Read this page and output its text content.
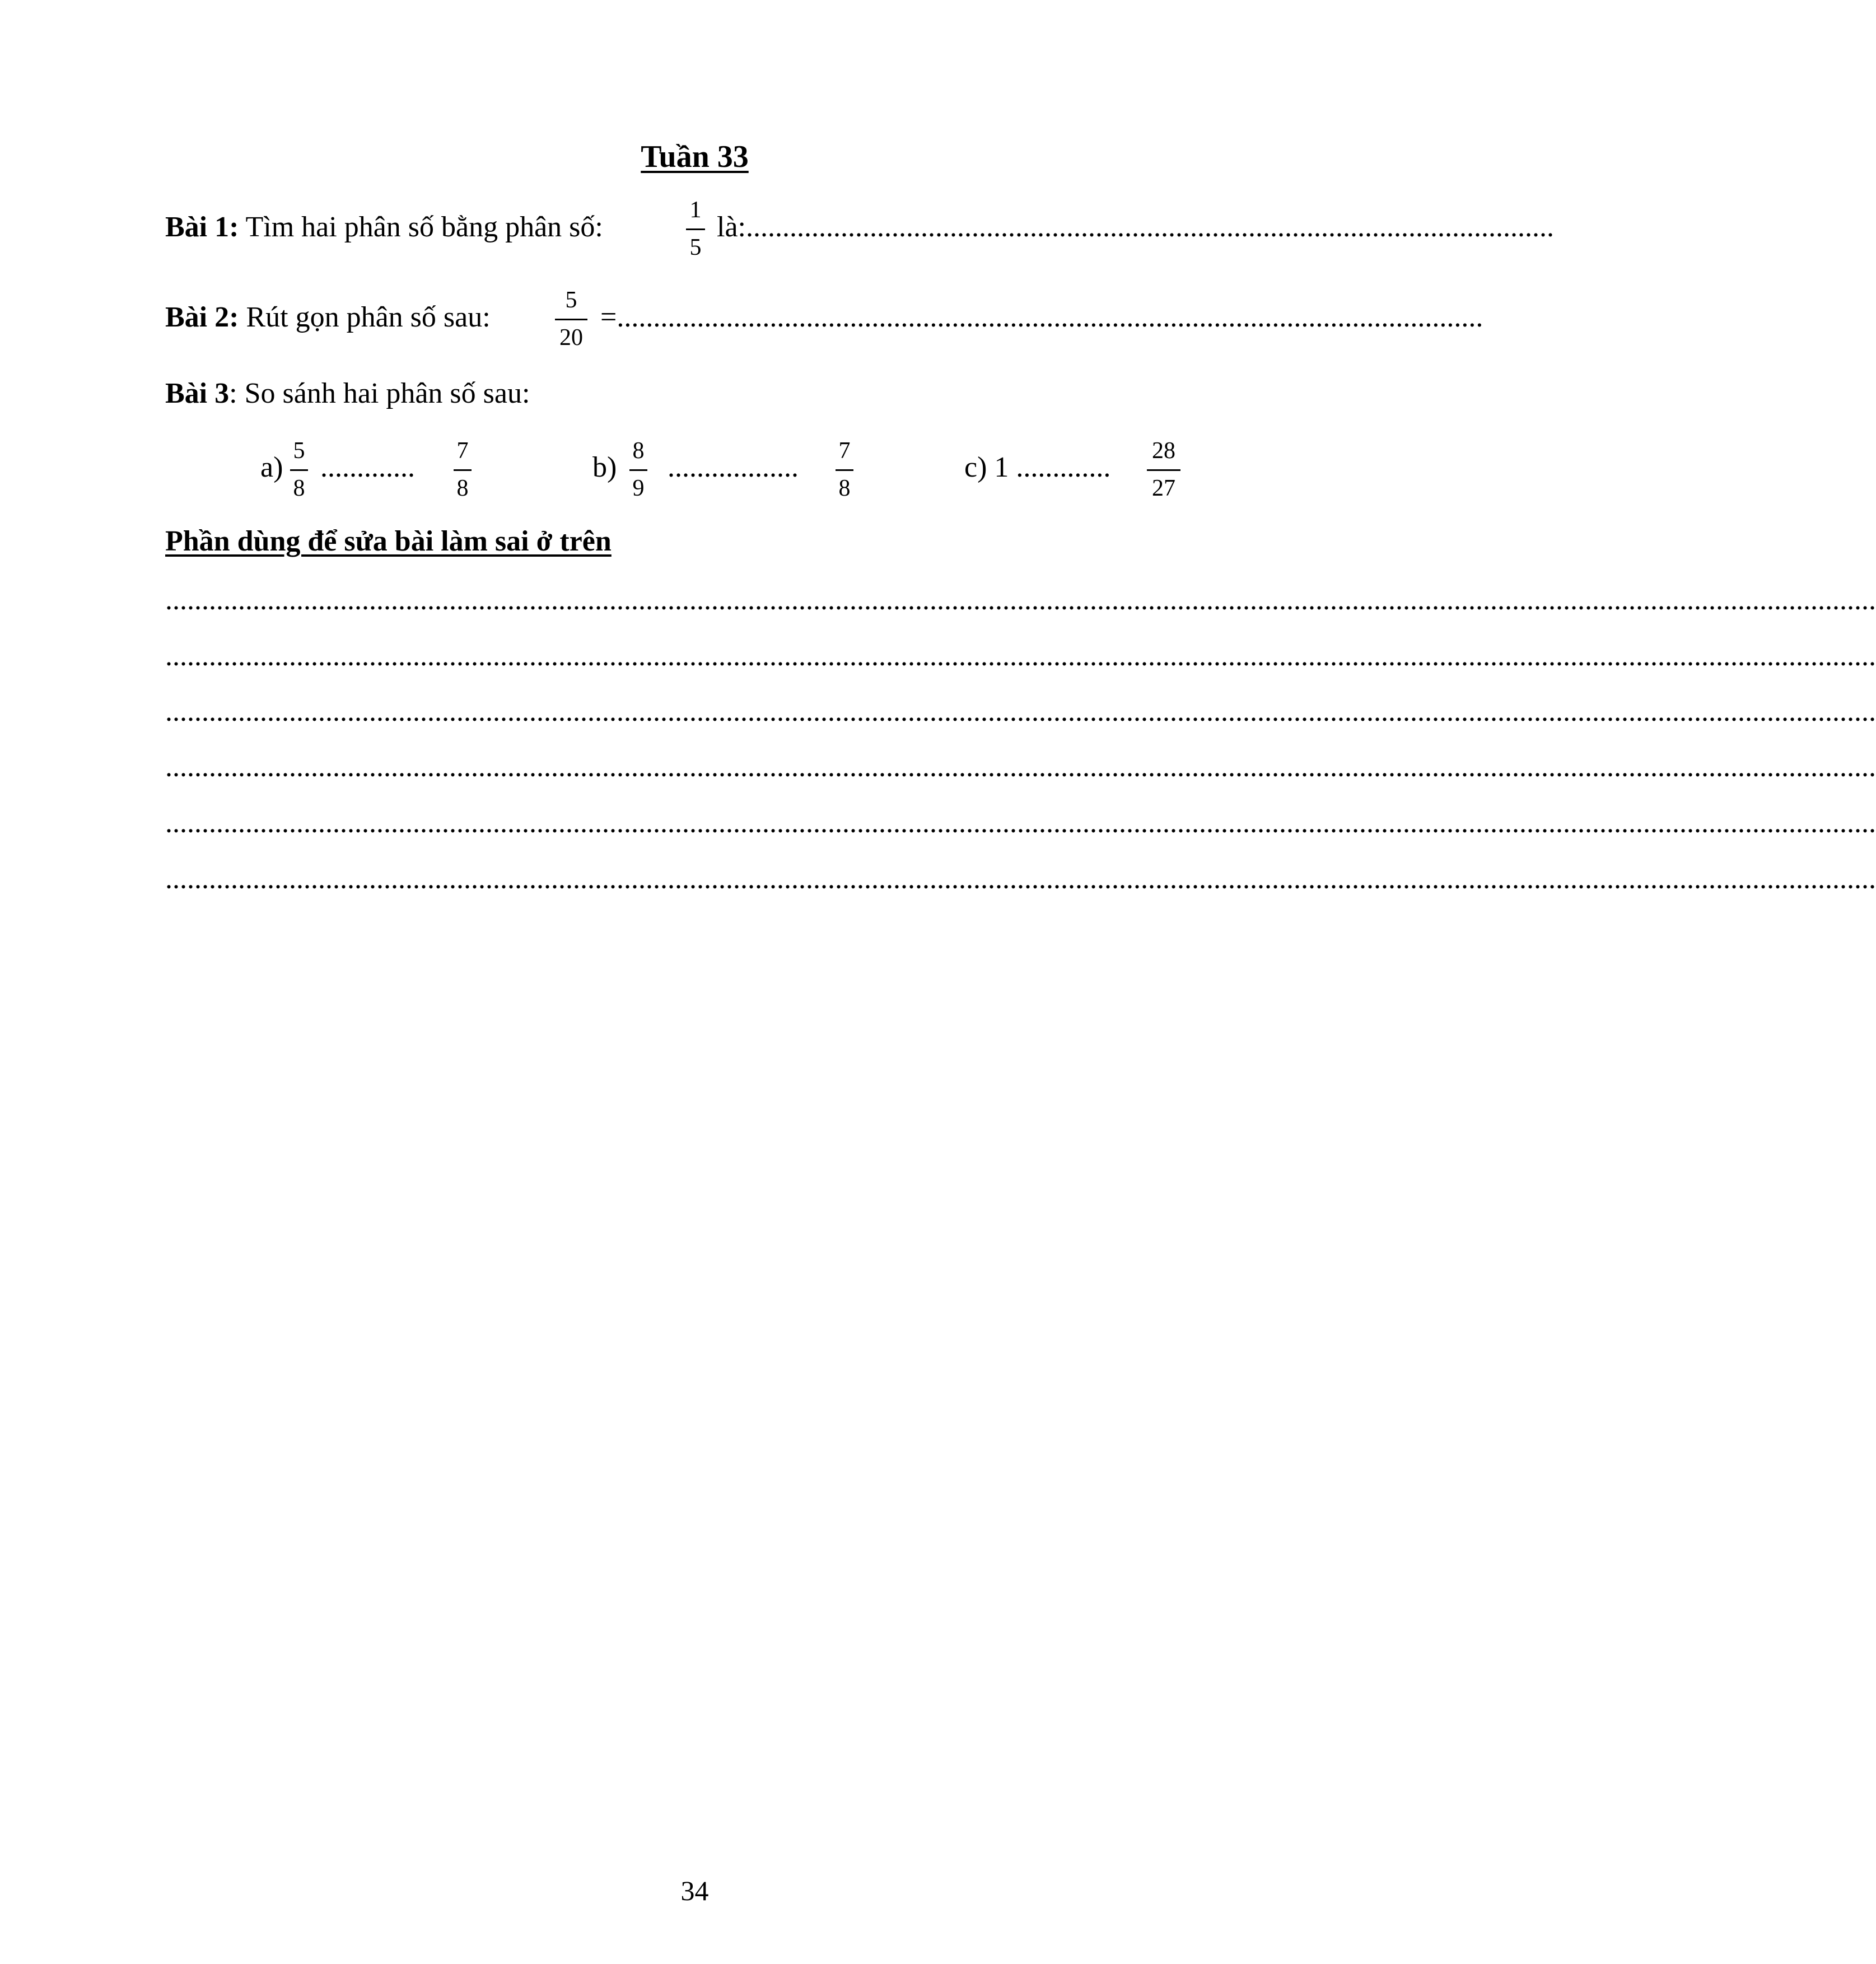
Tuần 33
Bài 1: Tìm hai phân số bằng phân số:
1
5
là:...............................................................................................................
Bài 2: Rút gọn phân số sau:
5
20
=.......................................................................................................................
Bài 3: So sánh hai phân số sau:
a)
5
8
.............
7
8
b)
8
9
..................
7
8
c) 1 .............
28
27
Phần dùng để sửa bài làm sai ở trên
...........................................................................................................................................................................................................................................
...........................................................................................................................................................................................................................................
...........................................................................................................................................................................................................................................
...........................................................................................................................................................................................................................................
...........................................................................................................................................................................................................................................
...........................................................................................................................................................................................................................................
34
